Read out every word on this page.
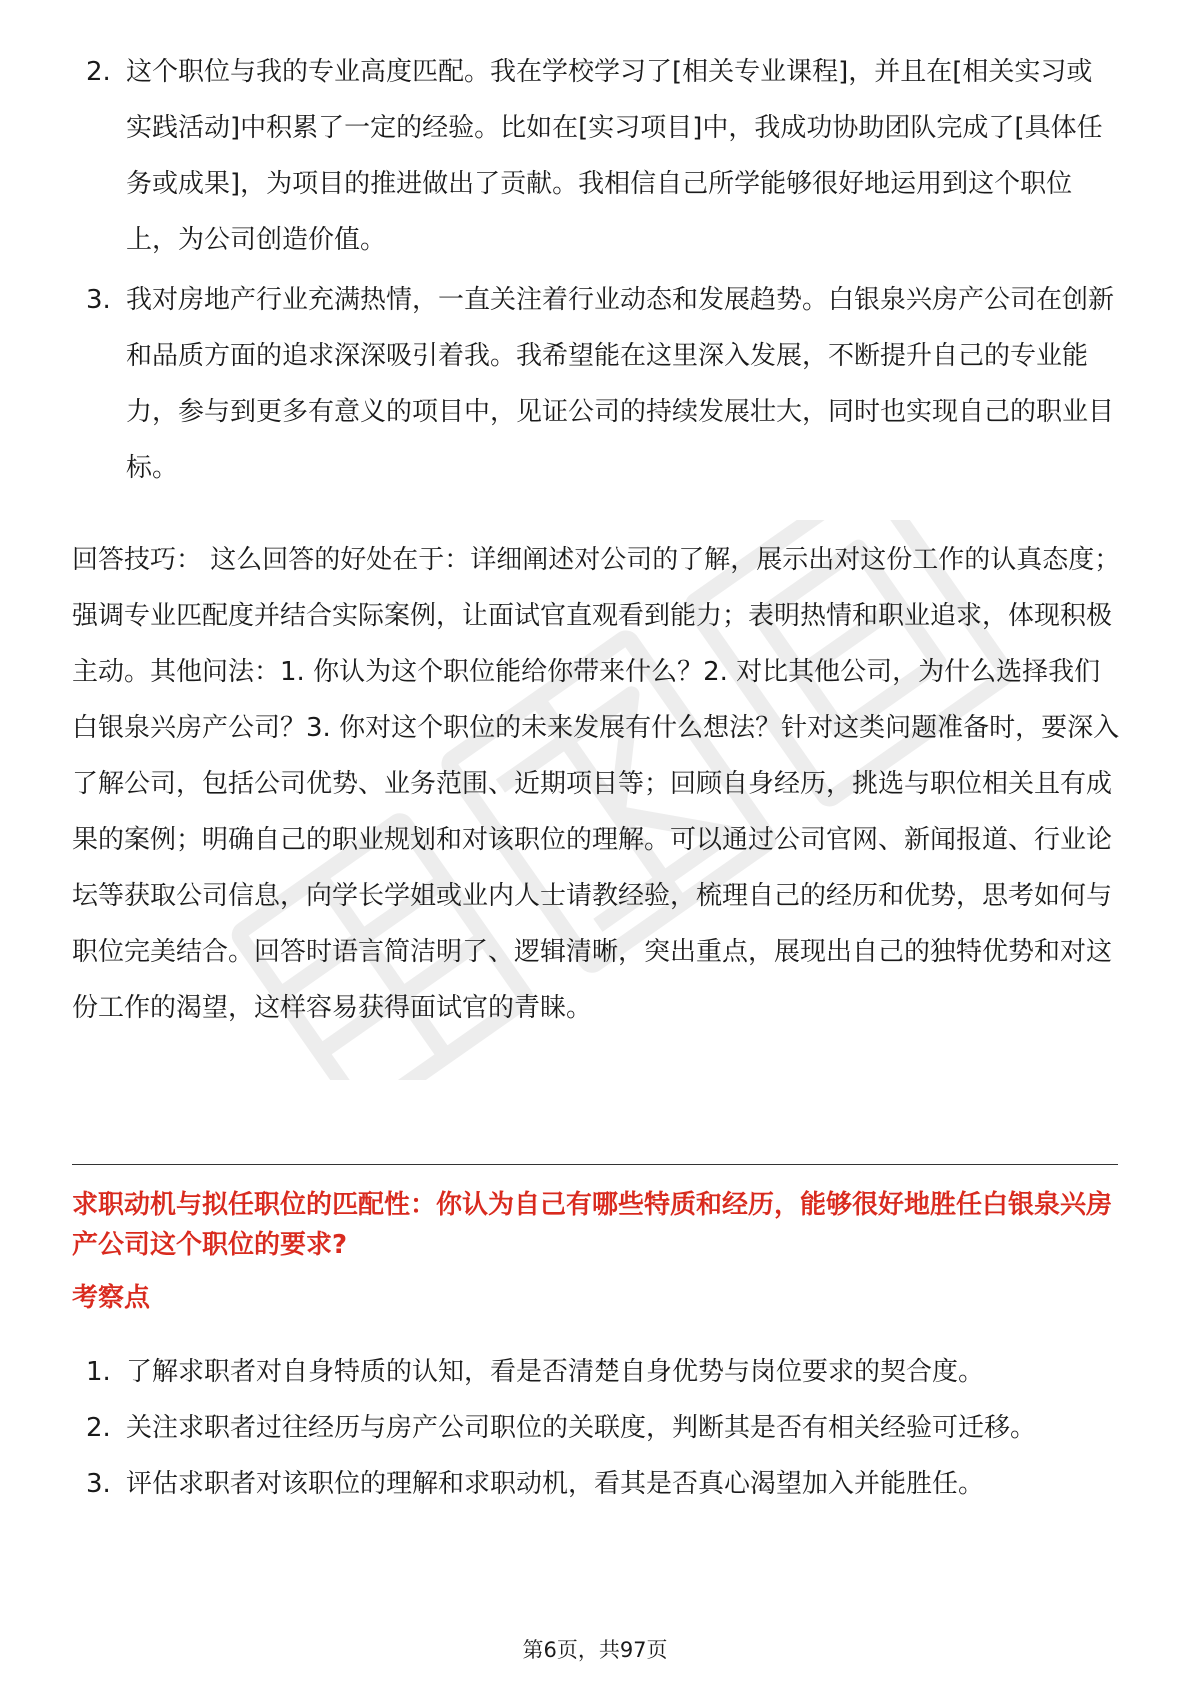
2. 这个职位与我的专业高度匹配。我在学校学习了[相关专业课程]，并且在[相关实习或实践活动]中积累了一定的经验。比如在[实习项目]中，我成功协助团队完成了[具体任务或成果]，为项目的推进做出了贡献。我相信自己所学能够很好地运用到这个职位上，为公司创造价值。
3. 我对房地产行业充满热情，一直关注着行业动态和发展趋势。白银泉兴房产公司在创新和品质方面的追求深深吸引着我。我希望能在这里深入发展，不断提升自己的专业能力，参与到更多有意义的项目中，见证公司的持续发展壮大，同时也实现自己的职业目标。

回答技巧： 这么回答的好处在于：详细阐述对公司的了解，展示出对这份工作的认真态度；强调专业匹配度并结合实际案例，让面试官直观看到能力；表明热情和职业追求，体现积极主动。其他问法：1. 你认为这个职位能给你带来什么？2. 对比其他公司，为什么选择我们白银泉兴房产公司？3. 你对这个职位的未来发展有什么想法？针对这类问题准备时，要深入了解公司，包括公司优势、业务范围、近期项目等；回顾自身经历，挑选与职位相关且有成果的案例；明确自己的职业规划和对该职位的理解。可以通过公司官网、新闻报道、行业论坛等获取公司信息，向学长学姐或业内人士请教经验，梳理自己的经历和优势，思考如何与职位完美结合。回答时语言简洁明了、逻辑清晰，突出重点，展现出自己的独特优势和对这份工作的渴望，这样容易获得面试官的青睐。

求职动机与拟任职位的匹配性：你认为自己有哪些特质和经历，能够很好地胜任白银泉兴房产公司这个职位的要求?

考察点

1. 了解求职者对自身特质的认知，看是否清楚自身优势与岗位要求的契合度。
2. 关注求职者过往经历与房产公司职位的关联度，判断其是否有相关经验可迁移。
3. 评估求职者对该职位的理解和求职动机，看其是否真心渴望加入并能胜任。
第6页，共97页
